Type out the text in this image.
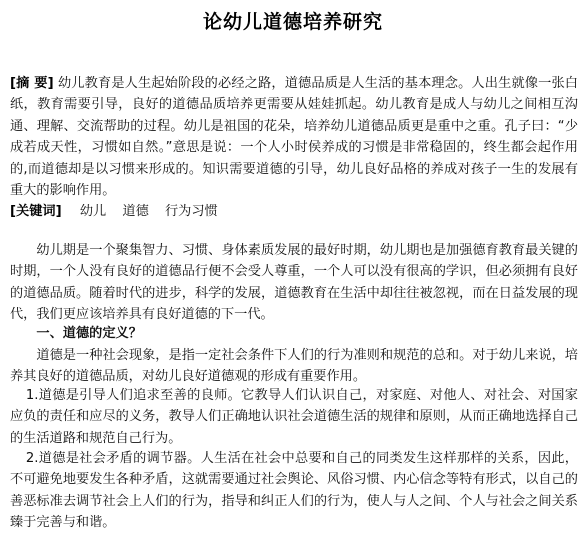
论幼儿道德培养研究
[摘 要] 幼儿教育是人生起始阶段的必经之路，道德品质是人生活的基本理念。人出生就像一张白纸，教育需要引导，良好的道德品质培养更需要从娃娃抓起。幼儿教育是成人与幼儿之间相互沟通、理解、交流帮助的过程。幼儿是祖国的花朵，培养幼儿道德品质更是重中之重。孔子曰：“少成若成天性，习惯如自然。”意思是说：一个人小时侯养成的习惯是非常稳固的，终生都会起作用的,而道德却是以习惯来形成的。知识需要道德的引导，幼儿良好品格的养成对孩子一生的发展有重大的影响作用。
[关键词] 幼儿 道德 行为习惯
幼儿期是一个聚集智力、习惯、身体素质发展的最好时期，幼儿期也是加强德育教育最关键的时期，一个人没有良好的道德品行便不会受人尊重，一个人可以没有很高的学识，但必须拥有良好的道德品质。随着时代的进步，科学的发展，道德教育在生活中却往往被忽视，而在日益发展的现代，我们更应该培养具有良好道德的下一代。
一、道德的定义？
道德是一种社会现象，是指一定社会条件下人们的行为准则和规范的总和。对于幼儿来说，培养其良好的道德品质，对幼儿良好道德观的形成有重要作用。
1.道德是引导人们追求至善的良师。它教导人们认识自己，对家庭、对他人、对社会、对国家应负的责任和应尽的义务，教导人们正确地认识社会道德生活的规律和原则，从而正确地选择自己的生活道路和规范自己行为。
2.道德是社会矛盾的调节器。人生活在社会中总要和自己的同类发生这样那样的关系，因此，不可避免地要发生各种矛盾，这就需要通过社会舆论、风俗习惯、内心信念等特有形式，以自己的善恶标准去调节社会上人们的行为，指导和纠正人们的行为，使人与人之间、个人与社会之间关系臻于完善与和谐。
